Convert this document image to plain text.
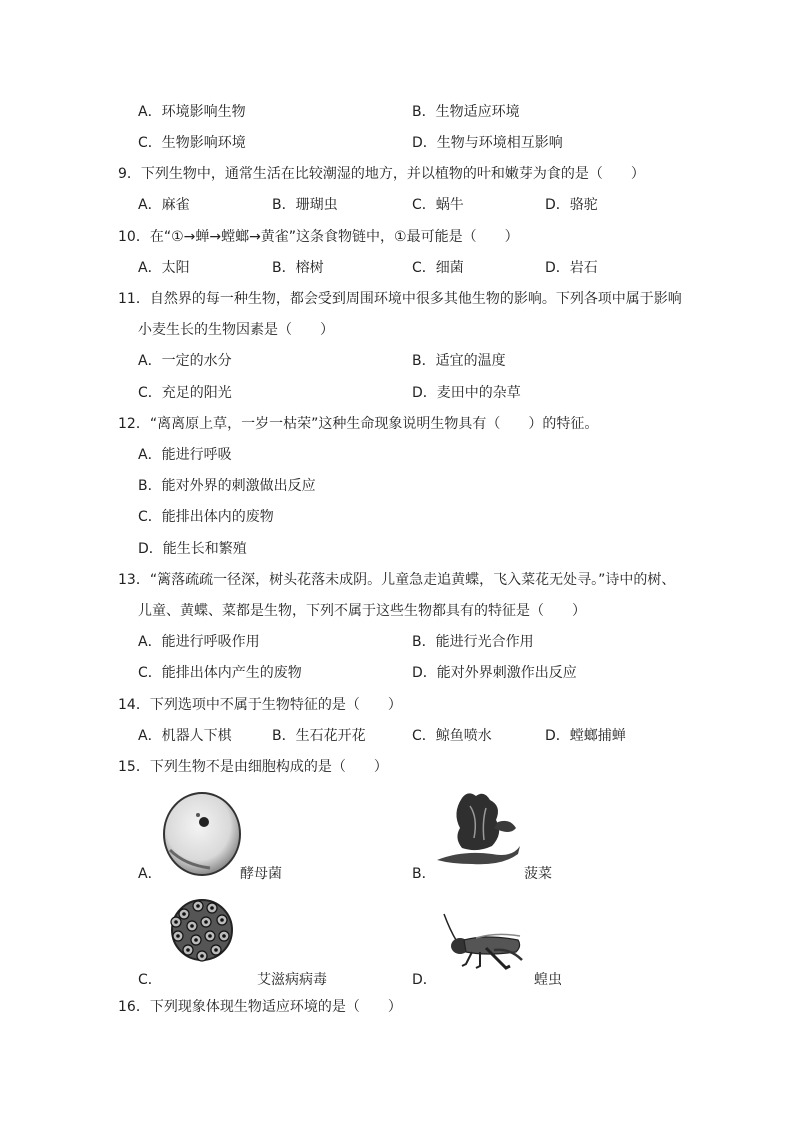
A．环境影响生物	B．生物适应环境
C．生物影响环境	D．生物与环境相互影响
9．下列生物中，通常生活在比较潮湿的地方，并以植物的叶和嫩芽为食的是（　　）
A．麻雀	B．珊瑚虫	C．蜗牛	D．骆驼
10．在“①→蝉→螳螂→黄雀”这条食物链中，①最可能是（　　）
A．太阳	B．榕树	C．细菌	D．岩石
11．自然界的每一种生物，都会受到周围环境中很多其他生物的影响。下列各项中属于影响
小麦生长的生物因素是（　　）
A．一定的水分	B．适宜的温度
C．充足的阳光	D．麦田中的杂草
12．“离离原上草，一岁一枯荣”这种生命现象说明生物具有（　　）的特征。
A．能进行呼吸
B．能对外界的刺激做出反应
C．能排出体内的废物
D．能生长和繁殖
13．“篱落疏疏一径深，树头花落未成阴。儿童急走追黄蝶，飞入菜花无处寻。”诗中的树、
儿童、黄蝶、菜都是生物，下列不属于这些生物都具有的特征是（　　）
A．能进行呼吸作用	B．能进行光合作用
C．能排出体内产生的废物	D．能对外界刺激作出反应
14．下列选项中不属于生物特征的是（　　）
A．机器人下棋	B．生石花开花	C．鲸鱼喷水	D．螳螂捕蝉
15．下列生物不是由细胞构成的是（　　）
A．	酵母菌	B．	菠菜
C．	艾滋病病毒	D．	蝗虫
16．下列现象体现生物适应环境的是（　　）
